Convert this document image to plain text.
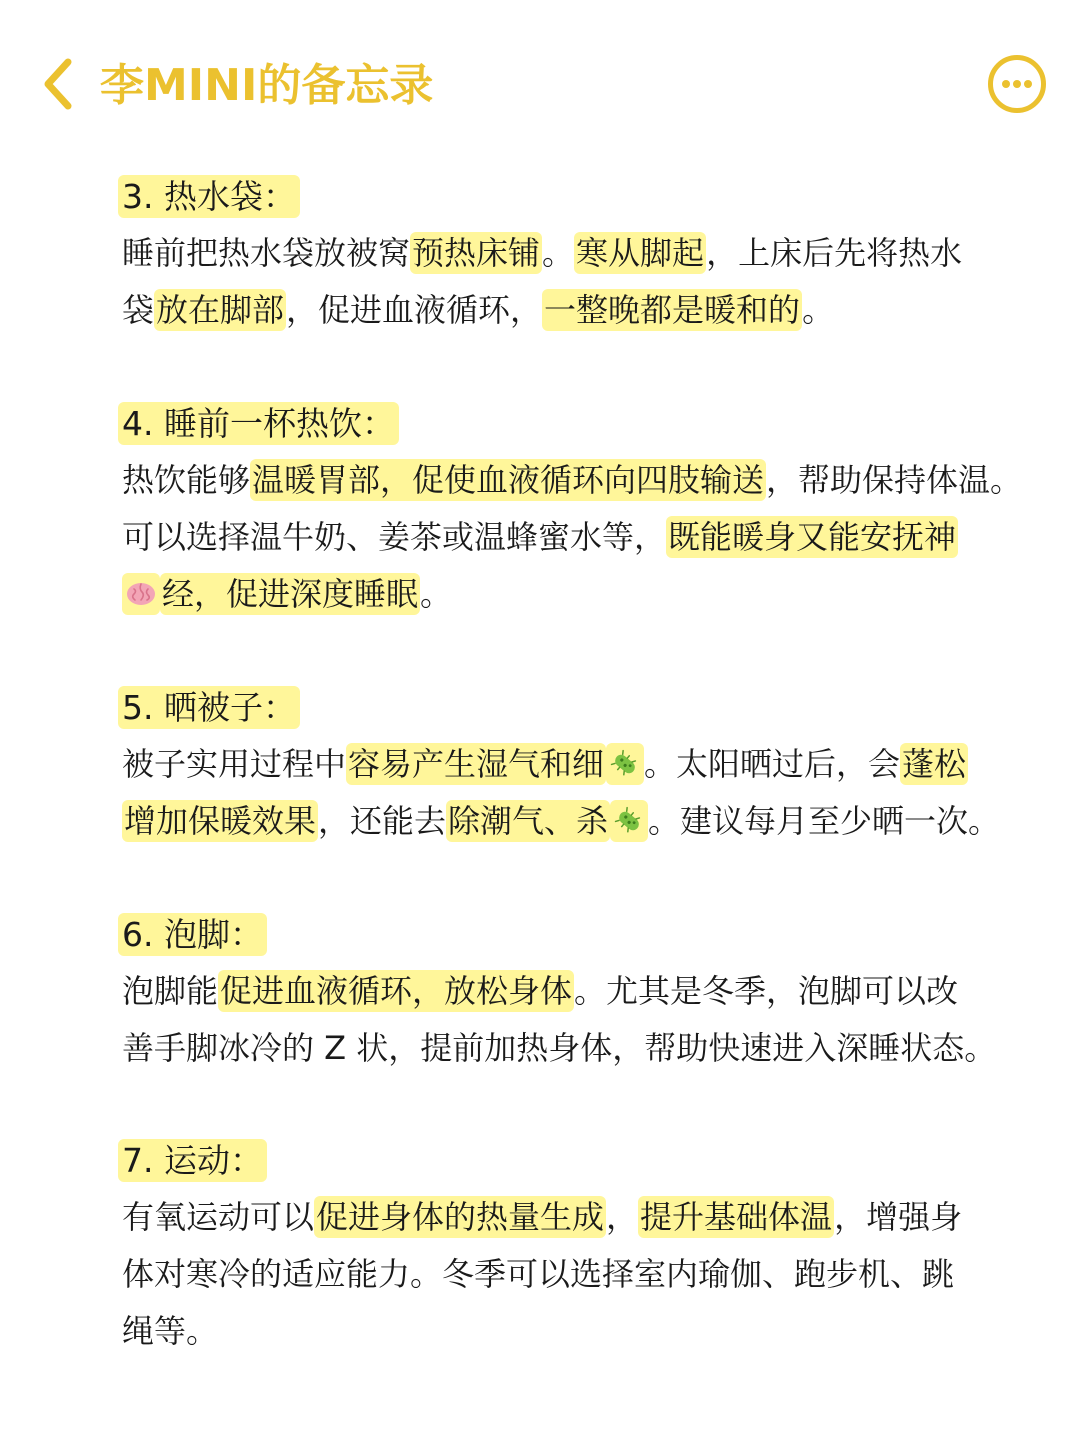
李MINI的备忘录
3. 热水袋：
睡前把热水袋放被窝预热床铺。寒从脚起，上床后先将热水
袋放在脚部，促进血液循环，一整晚都是暖和的。
4. 睡前一杯热饮：
热饮能够温暖胃部，促使血液循环向四肢输送，帮助保持体温。
可以选择温牛奶、姜茶或温蜂蜜水等，既能暖身又能安抚神
经，促进深度睡眠。
5. 晒被子：
被子实用过程中容易产生湿气和细 。太阳晒过后，会蓬松
增加保暖效果，还能去除潮气、杀 。建议每月至少晒一次。
6. 泡脚：
泡脚能促进血液循环，放松身体。尤其是冬季，泡脚可以改
善手脚冰冷的 Z 状，提前加热身体，帮助快速进入深睡状态。
7. 运动：
有氧运动可以促进身体的热量生成，提升基础体温，增强身
体对寒冷的适应能力。冬季可以选择室内瑜伽、跑步机、跳
绳等。
